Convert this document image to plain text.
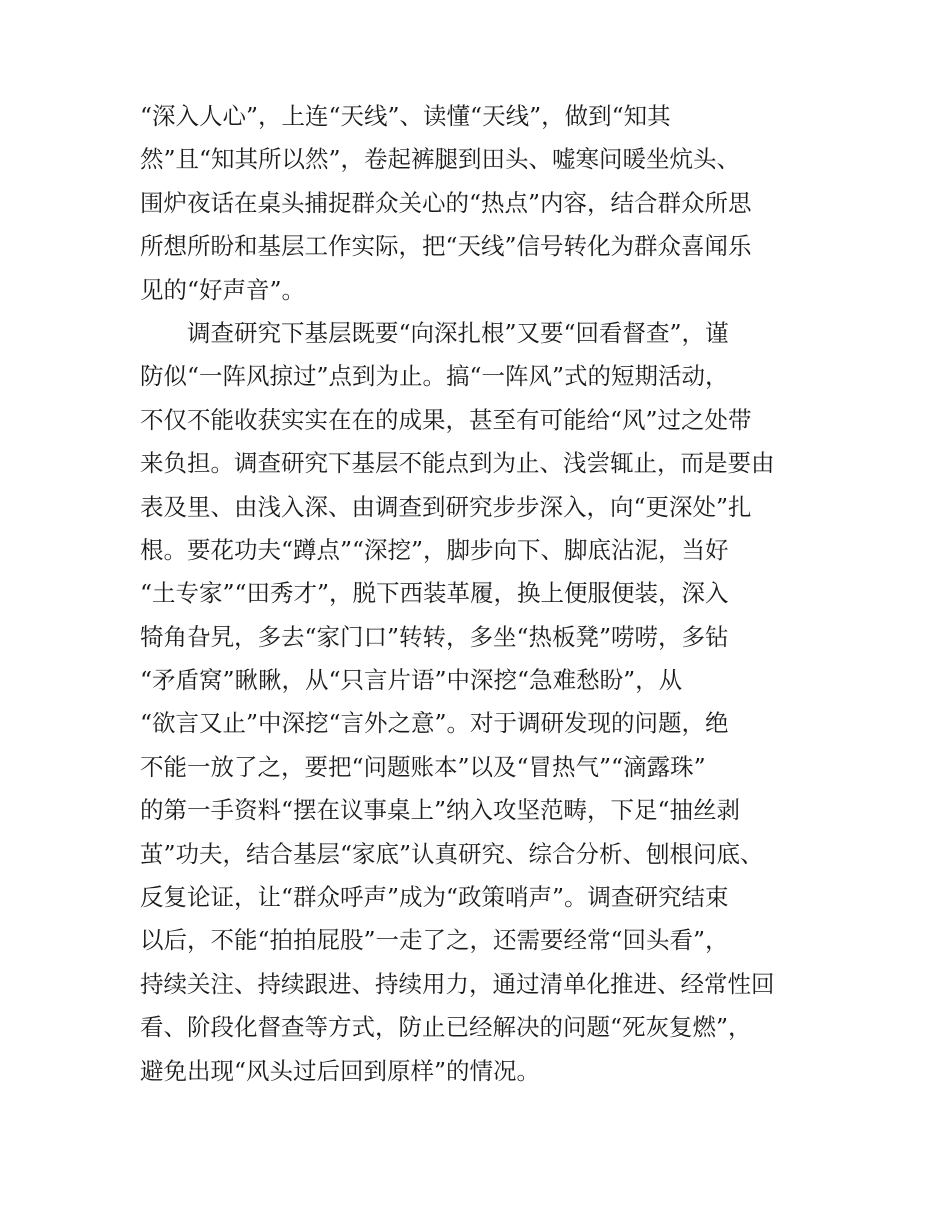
“深入人心”，上连“天线”、读懂“天线”，做到“知其
然”且“知其所以然”，卷起裤腿到田头、嘘寒问暖坐炕头、
围炉夜话在桌头捕捉群众关心的“热点”内容，结合群众所思
所想所盼和基层工作实际，把“天线”信号转化为群众喜闻乐
见的“好声音”。
调查研究下基层既要“向深扎根”又要“回看督查”，谨
防似“一阵风掠过”点到为止。搞“一阵风”式的短期活动，
不仅不能收获实实在在的成果，甚至有可能给“风”过之处带
来负担。调查研究下基层不能点到为止、浅尝辄止，而是要由
表及里、由浅入深、由调查到研究步步深入，向“更深处”扎
根。要花功夫“蹲点”“深挖”，脚步向下、脚底沾泥，当好
“土专家”“田秀才”，脱下西装革履，换上便服便装，深入
犄角旮旯，多去“家门口”转转，多坐“热板凳”唠唠，多钻
“矛盾窝”瞅瞅，从“只言片语”中深挖“急难愁盼”，从
“欲言又止”中深挖“言外之意”。对于调研发现的问题，绝
不能一放了之，要把“问题账本”以及“冒热气”“滴露珠”
的第一手资料“摆在议事桌上”纳入攻坚范畴，下足“抽丝剥
茧”功夫，结合基层“家底”认真研究、综合分析、刨根问底、
反复论证，让“群众呼声”成为“政策哨声”。调查研究结束
以后，不能“拍拍屁股”一走了之，还需要经常“回头看”，
持续关注、持续跟进、持续用力，通过清单化推进、经常性回
看、阶段化督查等方式，防止已经解决的问题“死灰复燃”，
避免出现“风头过后回到原样”的情况。
